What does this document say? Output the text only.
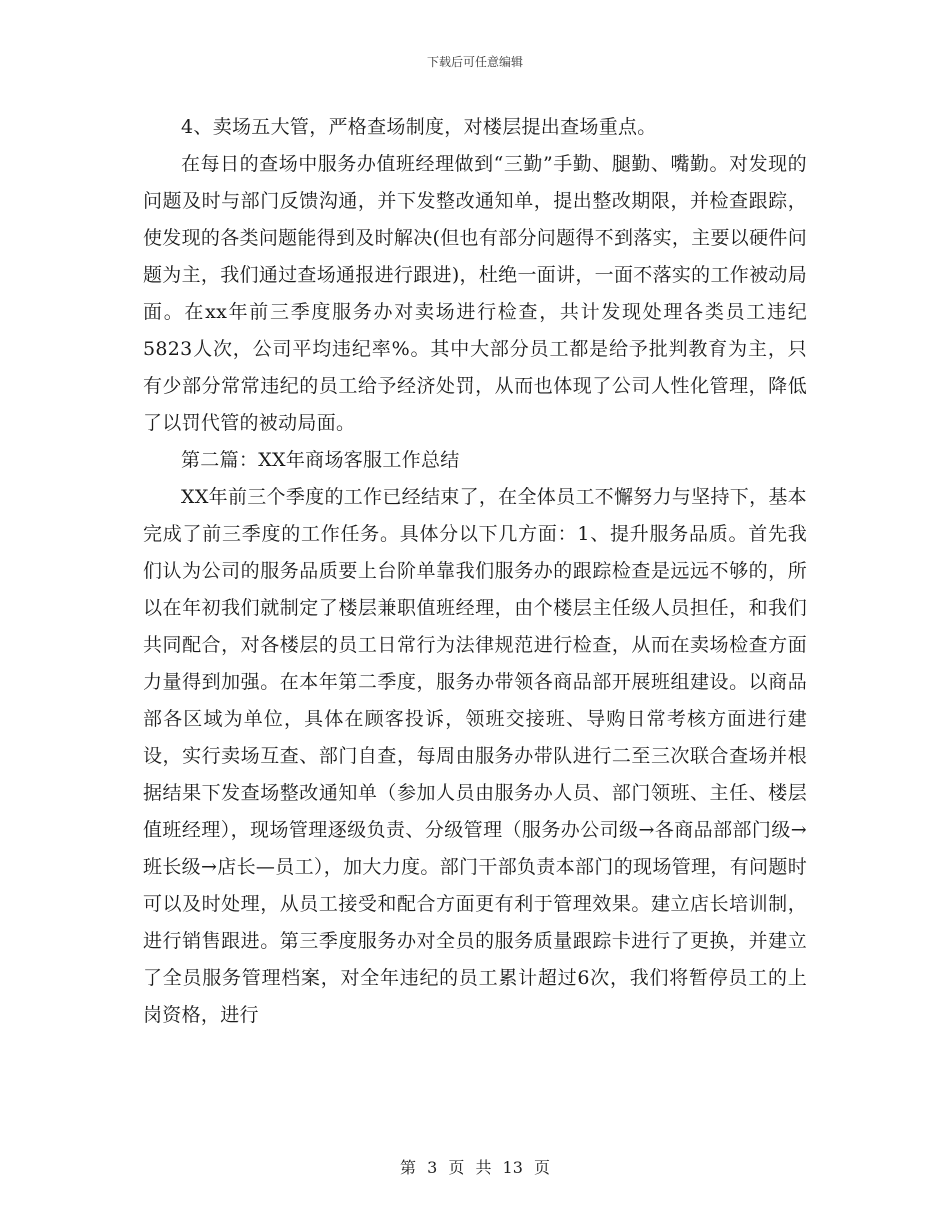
下载后可任意编辑

4、卖场五大管，严格查场制度，对楼层提出查场重点。

在每日的查场中服务办值班经理做到“三勤”手勤、腿勤、嘴勤。对发现的问题及时与部门反馈沟通，并下发整改通知单，提出整改期限，并检查跟踪，使发现的各类问题能得到及时解决(但也有部分问题得不到落实，主要以硬件问题为主，我们通过查场通报进行跟进)，杜绝一面讲，一面不落实的工作被动局面。在xx年前三季度服务办对卖场进行检查，共计发现处理各类员工违纪5823人次，公司平均违纪率%。其中大部分员工都是给予批判教育为主，只有少部分常常违纪的员工给予经济处罚，从而也体现了公司人性化管理，降低了以罚代管的被动局面。

第二篇：XX年商场客服工作总结

XX年前三个季度的工作已经结束了，在全体员工不懈努力与坚持下，基本完成了前三季度的工作任务。具体分以下几方面：1、提升服务品质。首先我们认为公司的服务品质要上台阶单靠我们服务办的跟踪检查是远远不够的，所以在年初我们就制定了楼层兼职值班经理，由个楼层主任级人员担任，和我们共同配合，对各楼层的员工日常行为法律规范进行检查，从而在卖场检查方面力量得到加强。在本年第二季度，服务办带领各商品部开展班组建设。以商品部各区域为单位，具体在顾客投诉，领班交接班、导购日常考核方面进行建设，实行卖场互查、部门自查，每周由服务办带队进行二至三次联合查场并根据结果下发查场整改通知单（参加人员由服务办人员、部门领班、主任、楼层值班经理），现场管理逐级负责、分级管理（服务办公司级→各商品部部门级→班长级→店长—员工），加大力度。部门干部负责本部门的现场管理，有问题时可以及时处理，从员工接受和配合方面更有利于管理效果。建立店长培训制，进行销售跟进。第三季度服务办对全员的服务质量跟踪卡进行了更换，并建立了全员服务管理档案，对全年违纪的员工累计超过6次，我们将暂停员工的上岗资格，进行

第 3 页 共 13 页
